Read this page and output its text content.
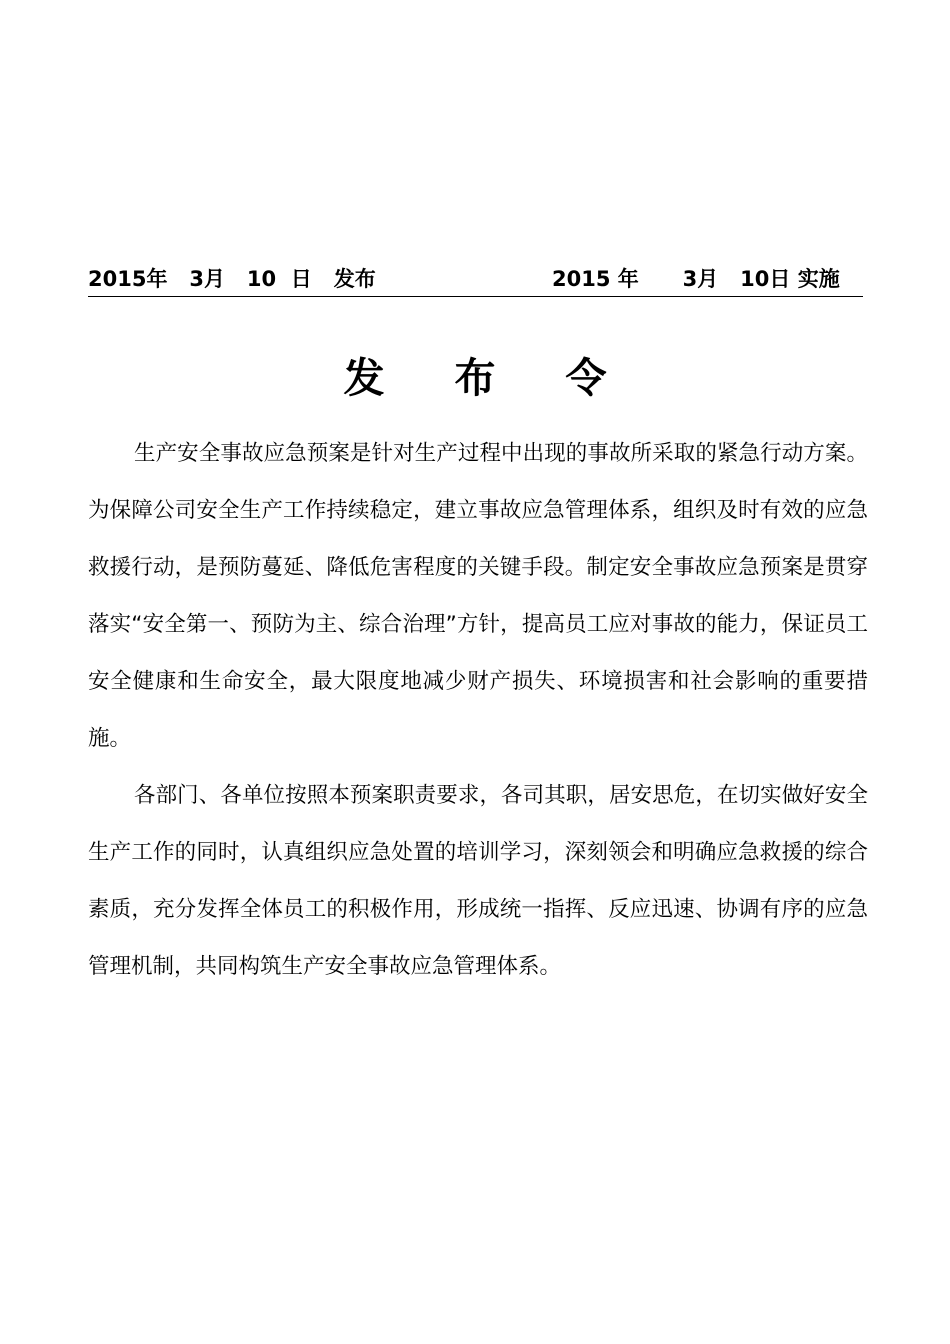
2015年   3月   10  日   发布

	2015 年      3月   10日 实施

发布令

生产安全事故应急预案是针对生产过程中出现的事故所采取的紧急行动方案。为保障公司安全生产工作持续稳定，建立事故应急管理体系，组织及时有效的应急救援行动，是预防蔓延、降低危害程度的关键手段。制定安全事故应急预案是贯穿落实“安全第一、预防为主、综合治理”方针，提高员工应对事故的能力，保证员工安全健康和生命安全，最大限度地减少财产损失、环境损害和社会影响的重要措施。

各部门、各单位按照本预案职责要求，各司其职，居安思危，在切实做好安全生产工作的同时，认真组织应急处置的培训学习，深刻领会和明确应急救援的综合素质，充分发挥全体员工的积极作用，形成统一指挥、反应迅速、协调有序的应急管理机制，共同构筑生产安全事故应急管理体系。
